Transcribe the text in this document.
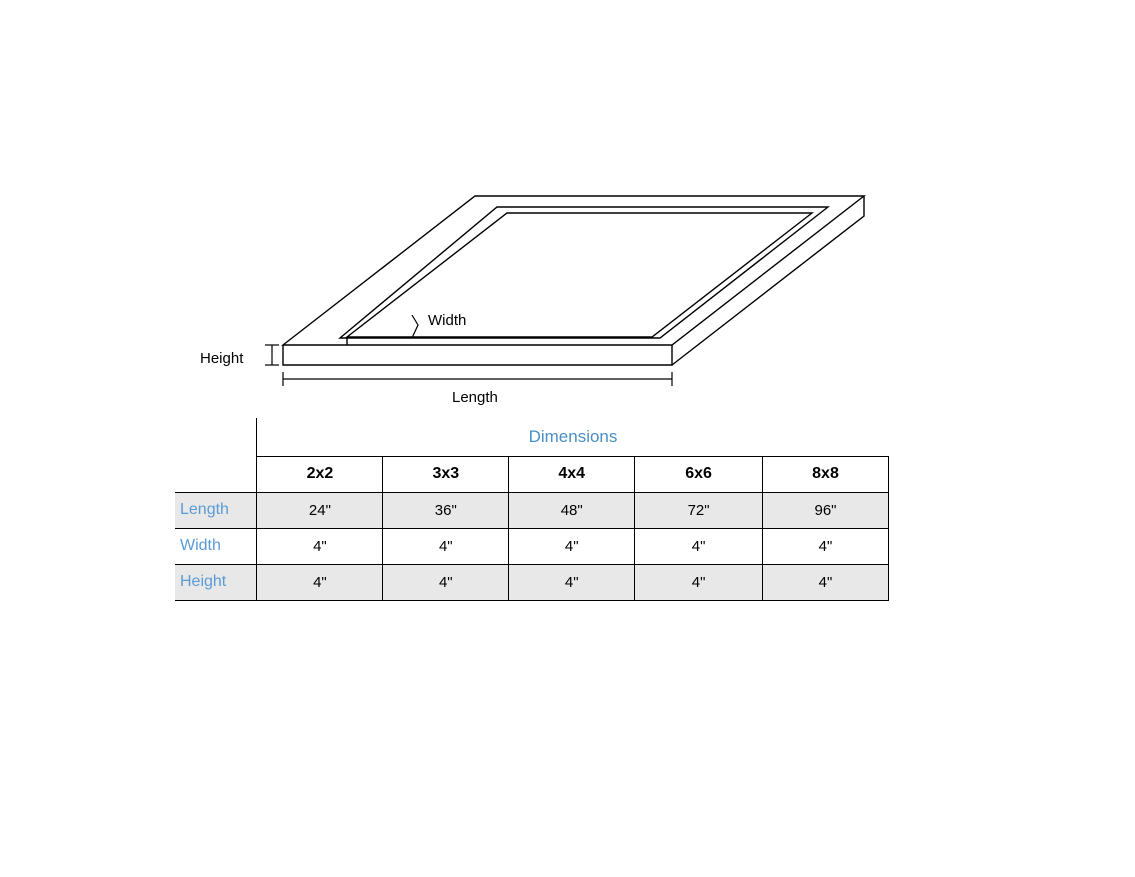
Height
Width
Length
	Dimensions				
	2x2	3x3	4x4	6x6	8x8
Length	24"	36"	48"	72"	96"
Width	4"	4"	4"	4"	4"
Height	4"	4"	4"	4"	4"
